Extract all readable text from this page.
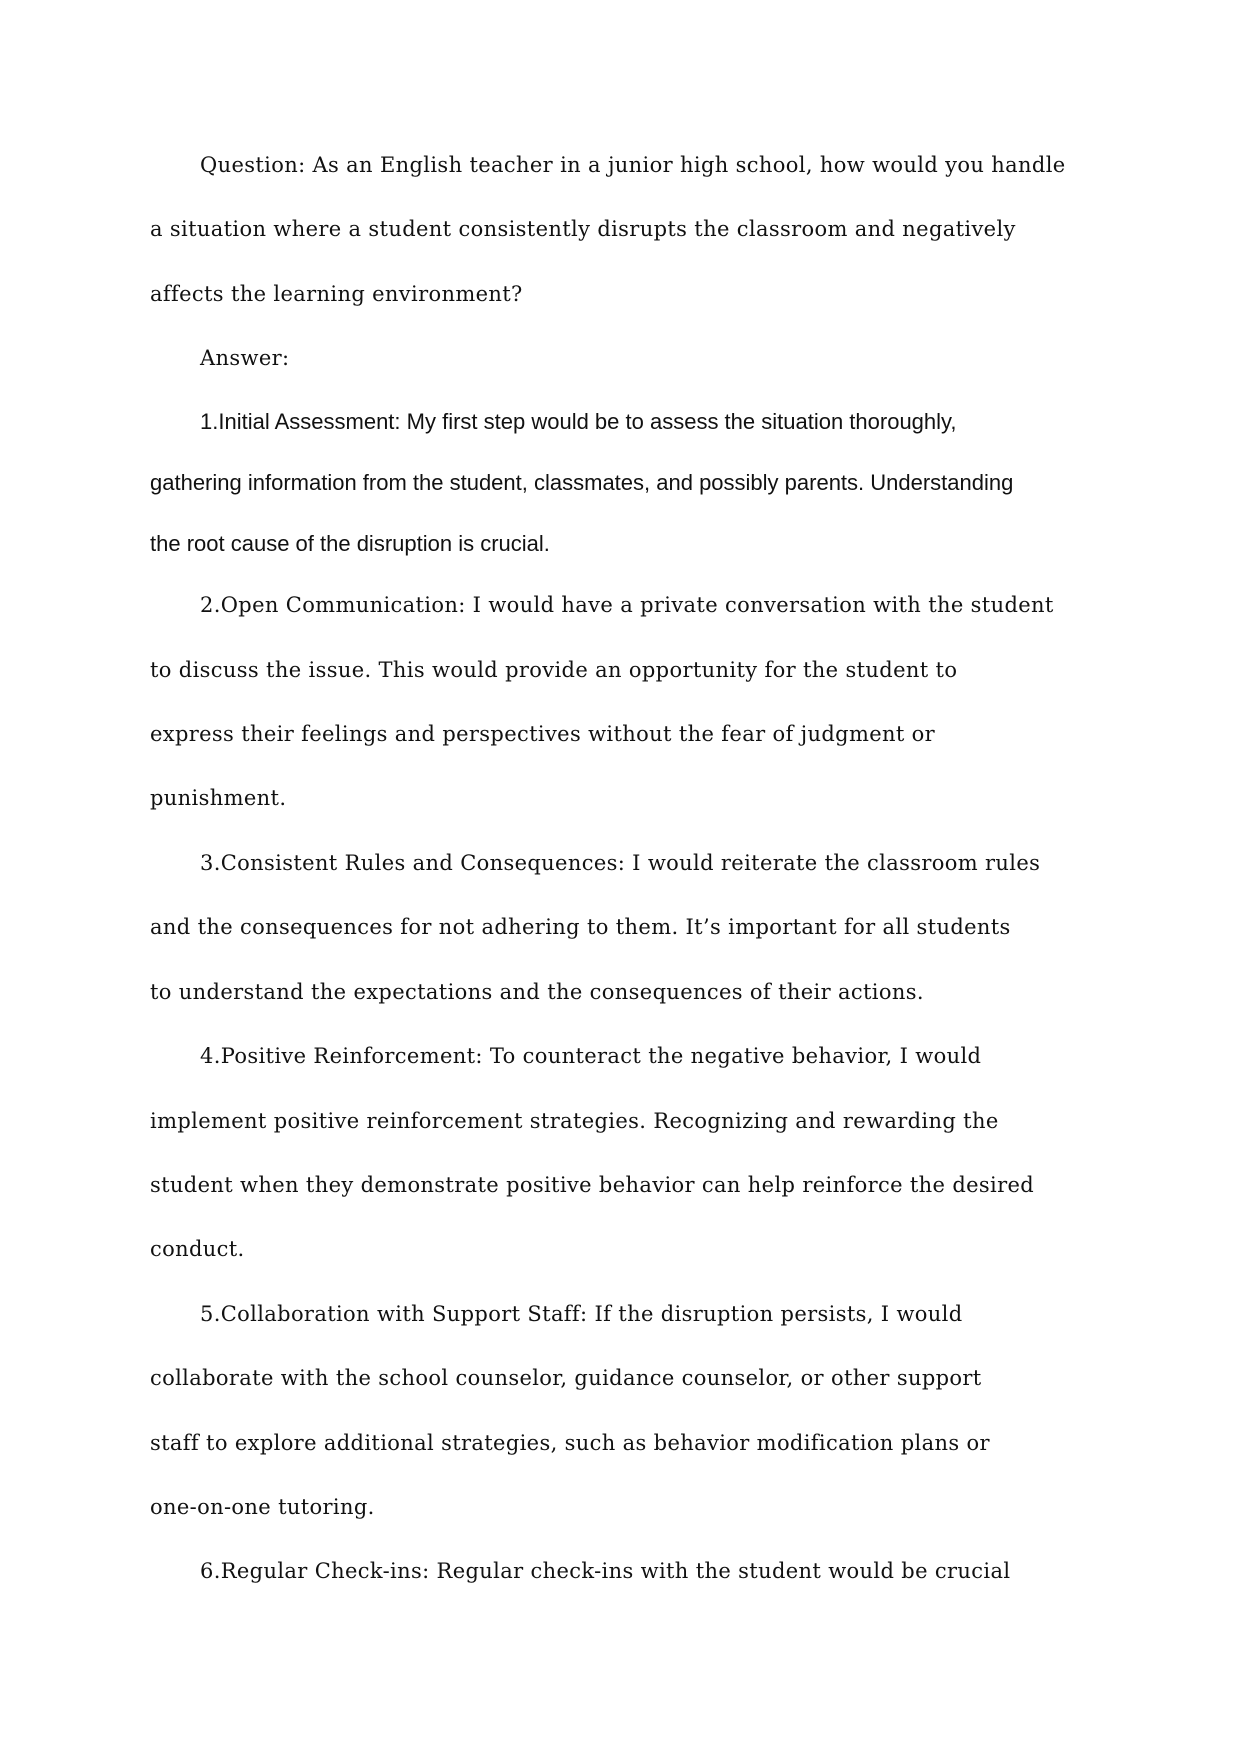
Question: As an English teacher in a junior high school, how would you handle
a situation where a student consistently disrupts the classroom and negatively
affects the learning environment?
Answer:
1.Initial Assessment: My first step would be to assess the situation thoroughly,
gathering information from the student, classmates, and possibly parents. Understanding
the root cause of the disruption is crucial.
2.Open Communication: I would have a private conversation with the student
to discuss the issue. This would provide an opportunity for the student to
express their feelings and perspectives without the fear of judgment or
punishment.
3.Consistent Rules and Consequences: I would reiterate the classroom rules
and the consequences for not adhering to them. It’s important for all students
to understand the expectations and the consequences of their actions.
4.Positive Reinforcement: To counteract the negative behavior, I would
implement positive reinforcement strategies. Recognizing and rewarding the
student when they demonstrate positive behavior can help reinforce the desired
conduct.
5.Collaboration with Support Staff: If the disruption persists, I would
collaborate with the school counselor, guidance counselor, or other support
staff to explore additional strategies, such as behavior modification plans or
one-on-one tutoring.
6.Regular Check-ins: Regular check-ins with the student would be crucial
